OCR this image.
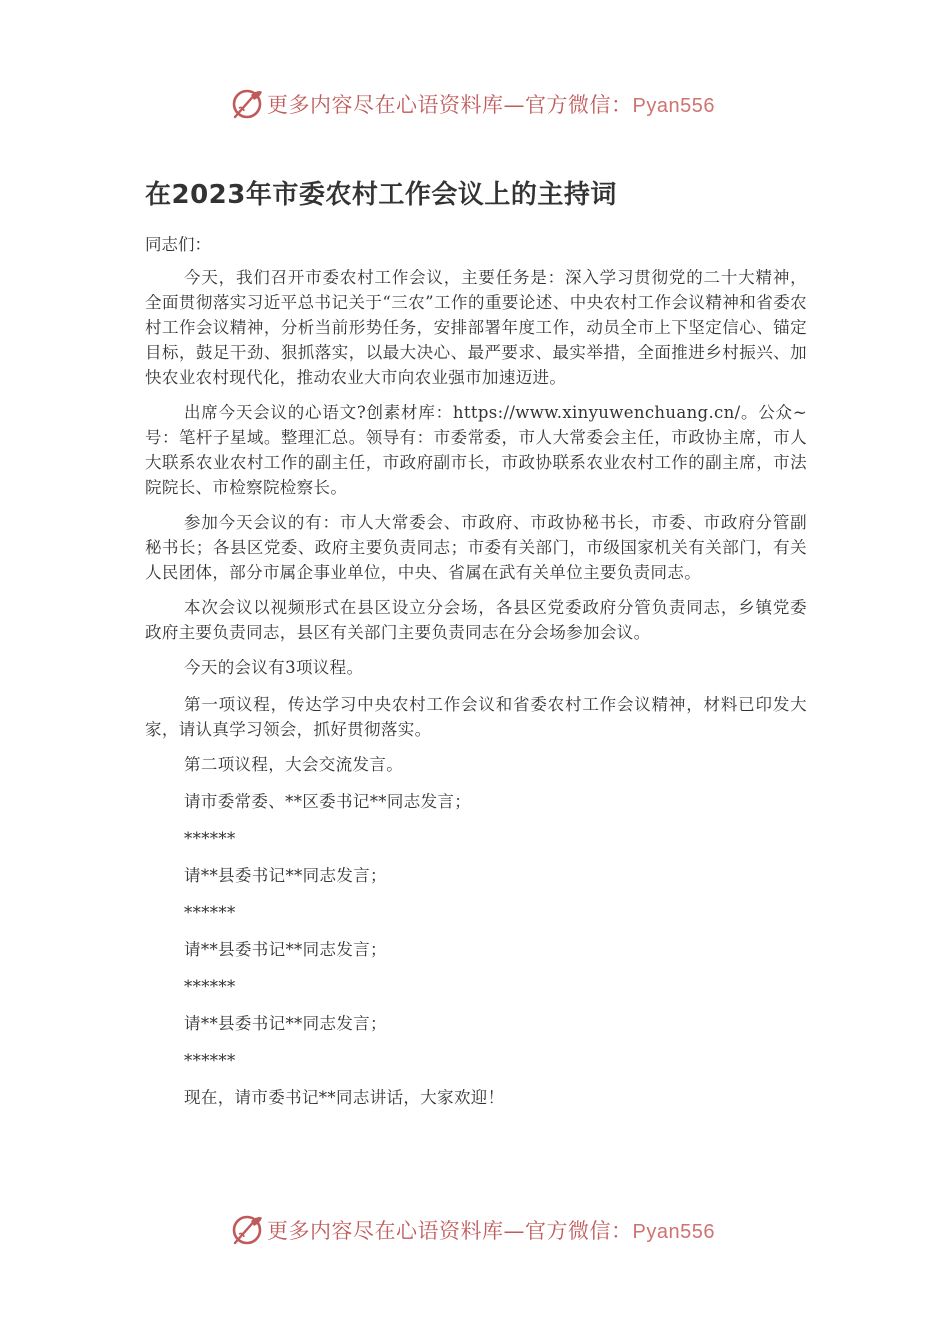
更多内容尽在心语资料库—官方微信：Pyan556
在2023年市委农村工作会议上的主持词

同志们：

今天，我们召开市委农村工作会议，主要任务是：深入学习贯彻党的二十大精神，全面贯彻落实习近平总书记关于“三农”工作的重要论述、中央农村工作会议精神和省委农村工作会议精神，分析当前形势任务，安排部署年度工作，动员全市上下坚定信心、锚定目标，鼓足干劲、狠抓落实，以最大决心、最严要求、最实举措，全面推进乡村振兴、加快农业农村现代化，推动农业大市向农业强市加速迈进。

出席今天会议的心语文?创素材库：https://www.xinyuwenchuang.cn/。公众~号：笔杆子星域。整理汇总。领导有：市委常委，市人大常委会主任，市政协主席，市人大联系农业农村工作的副主任，市政府副市长，市政协联系农业农村工作的副主席，市法院院长、市检察院检察长。

参加今天会议的有：市人大常委会、市政府、市政协秘书长，市委、市政府分管副秘书长；各县区党委、政府主要负责同志；市委有关部门，市级国家机关有关部门，有关人民团体，部分市属企事业单位，中央、省属在武有关单位主要负责同志。

本次会议以视频形式在县区设立分会场，各县区党委政府分管负责同志，乡镇党委政府主要负责同志，县区有关部门主要负责同志在分会场参加会议。

今天的会议有3项议程。

第一项议程，传达学习中央农村工作会议和省委农村工作会议精神，材料已印发大家，请认真学习领会，抓好贯彻落实。

第二项议程，大会交流发言。

请市委常委、**区委书记**同志发言；

******

请**县委书记**同志发言；

******

请**县委书记**同志发言；

******

请**县委书记**同志发言；

******

现在，请市委书记**同志讲话，大家欢迎！

更多内容尽在心语资料库—官方微信：Pyan556
